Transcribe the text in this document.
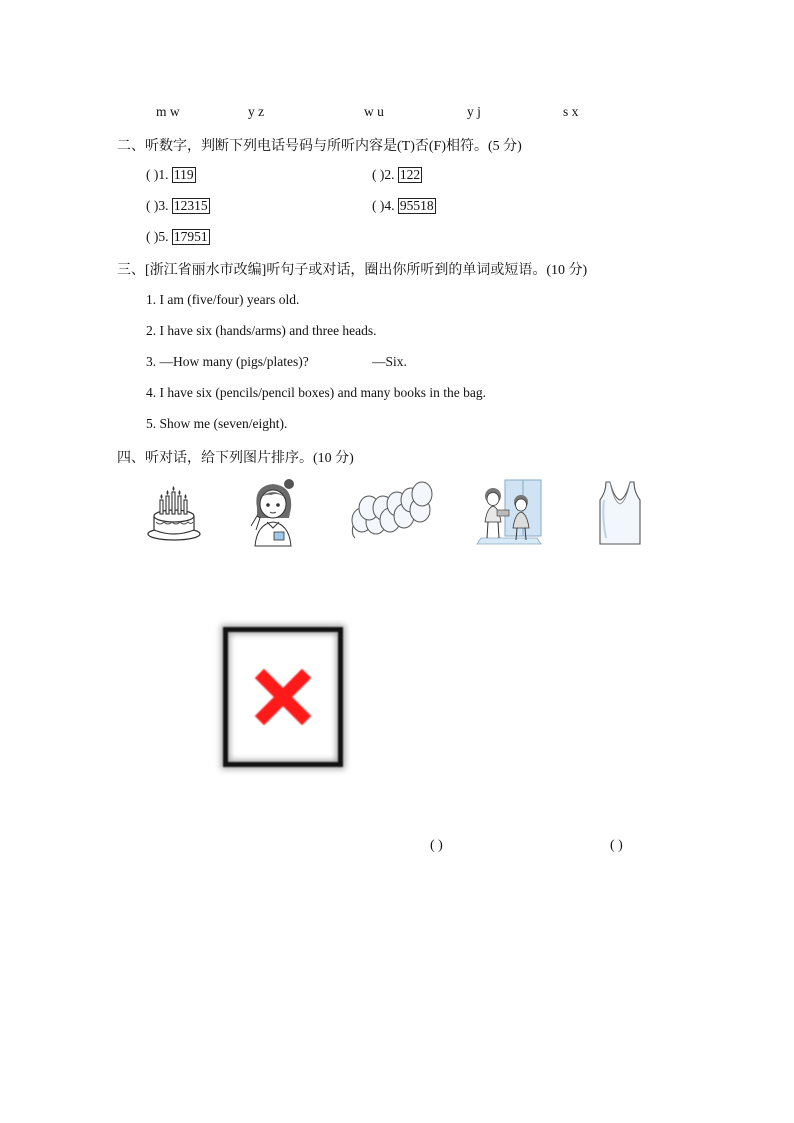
m w	y z	w u	y j	s x
二、听数字，判断下列电话号码与所听内容是(T)否(F)相符。(5 分)
( )1. 119	( )2. 122
( )3. 12315	( )4. 95518
( )5. 17951
三、[浙江省丽水市改编]听句子或对话，圈出你所听到的单词或短语。(10 分)
1. I am (five/four) years old.
2. I have six (hands/arms) and three heads.
3. —How many (pigs/plates)?	—Six.
4. I have six (pencils/pencil boxes) and many books in the bag.
5. Show me (seven/eight).
四、听对话，给下列图片排序。(10 分)
( )	( )
